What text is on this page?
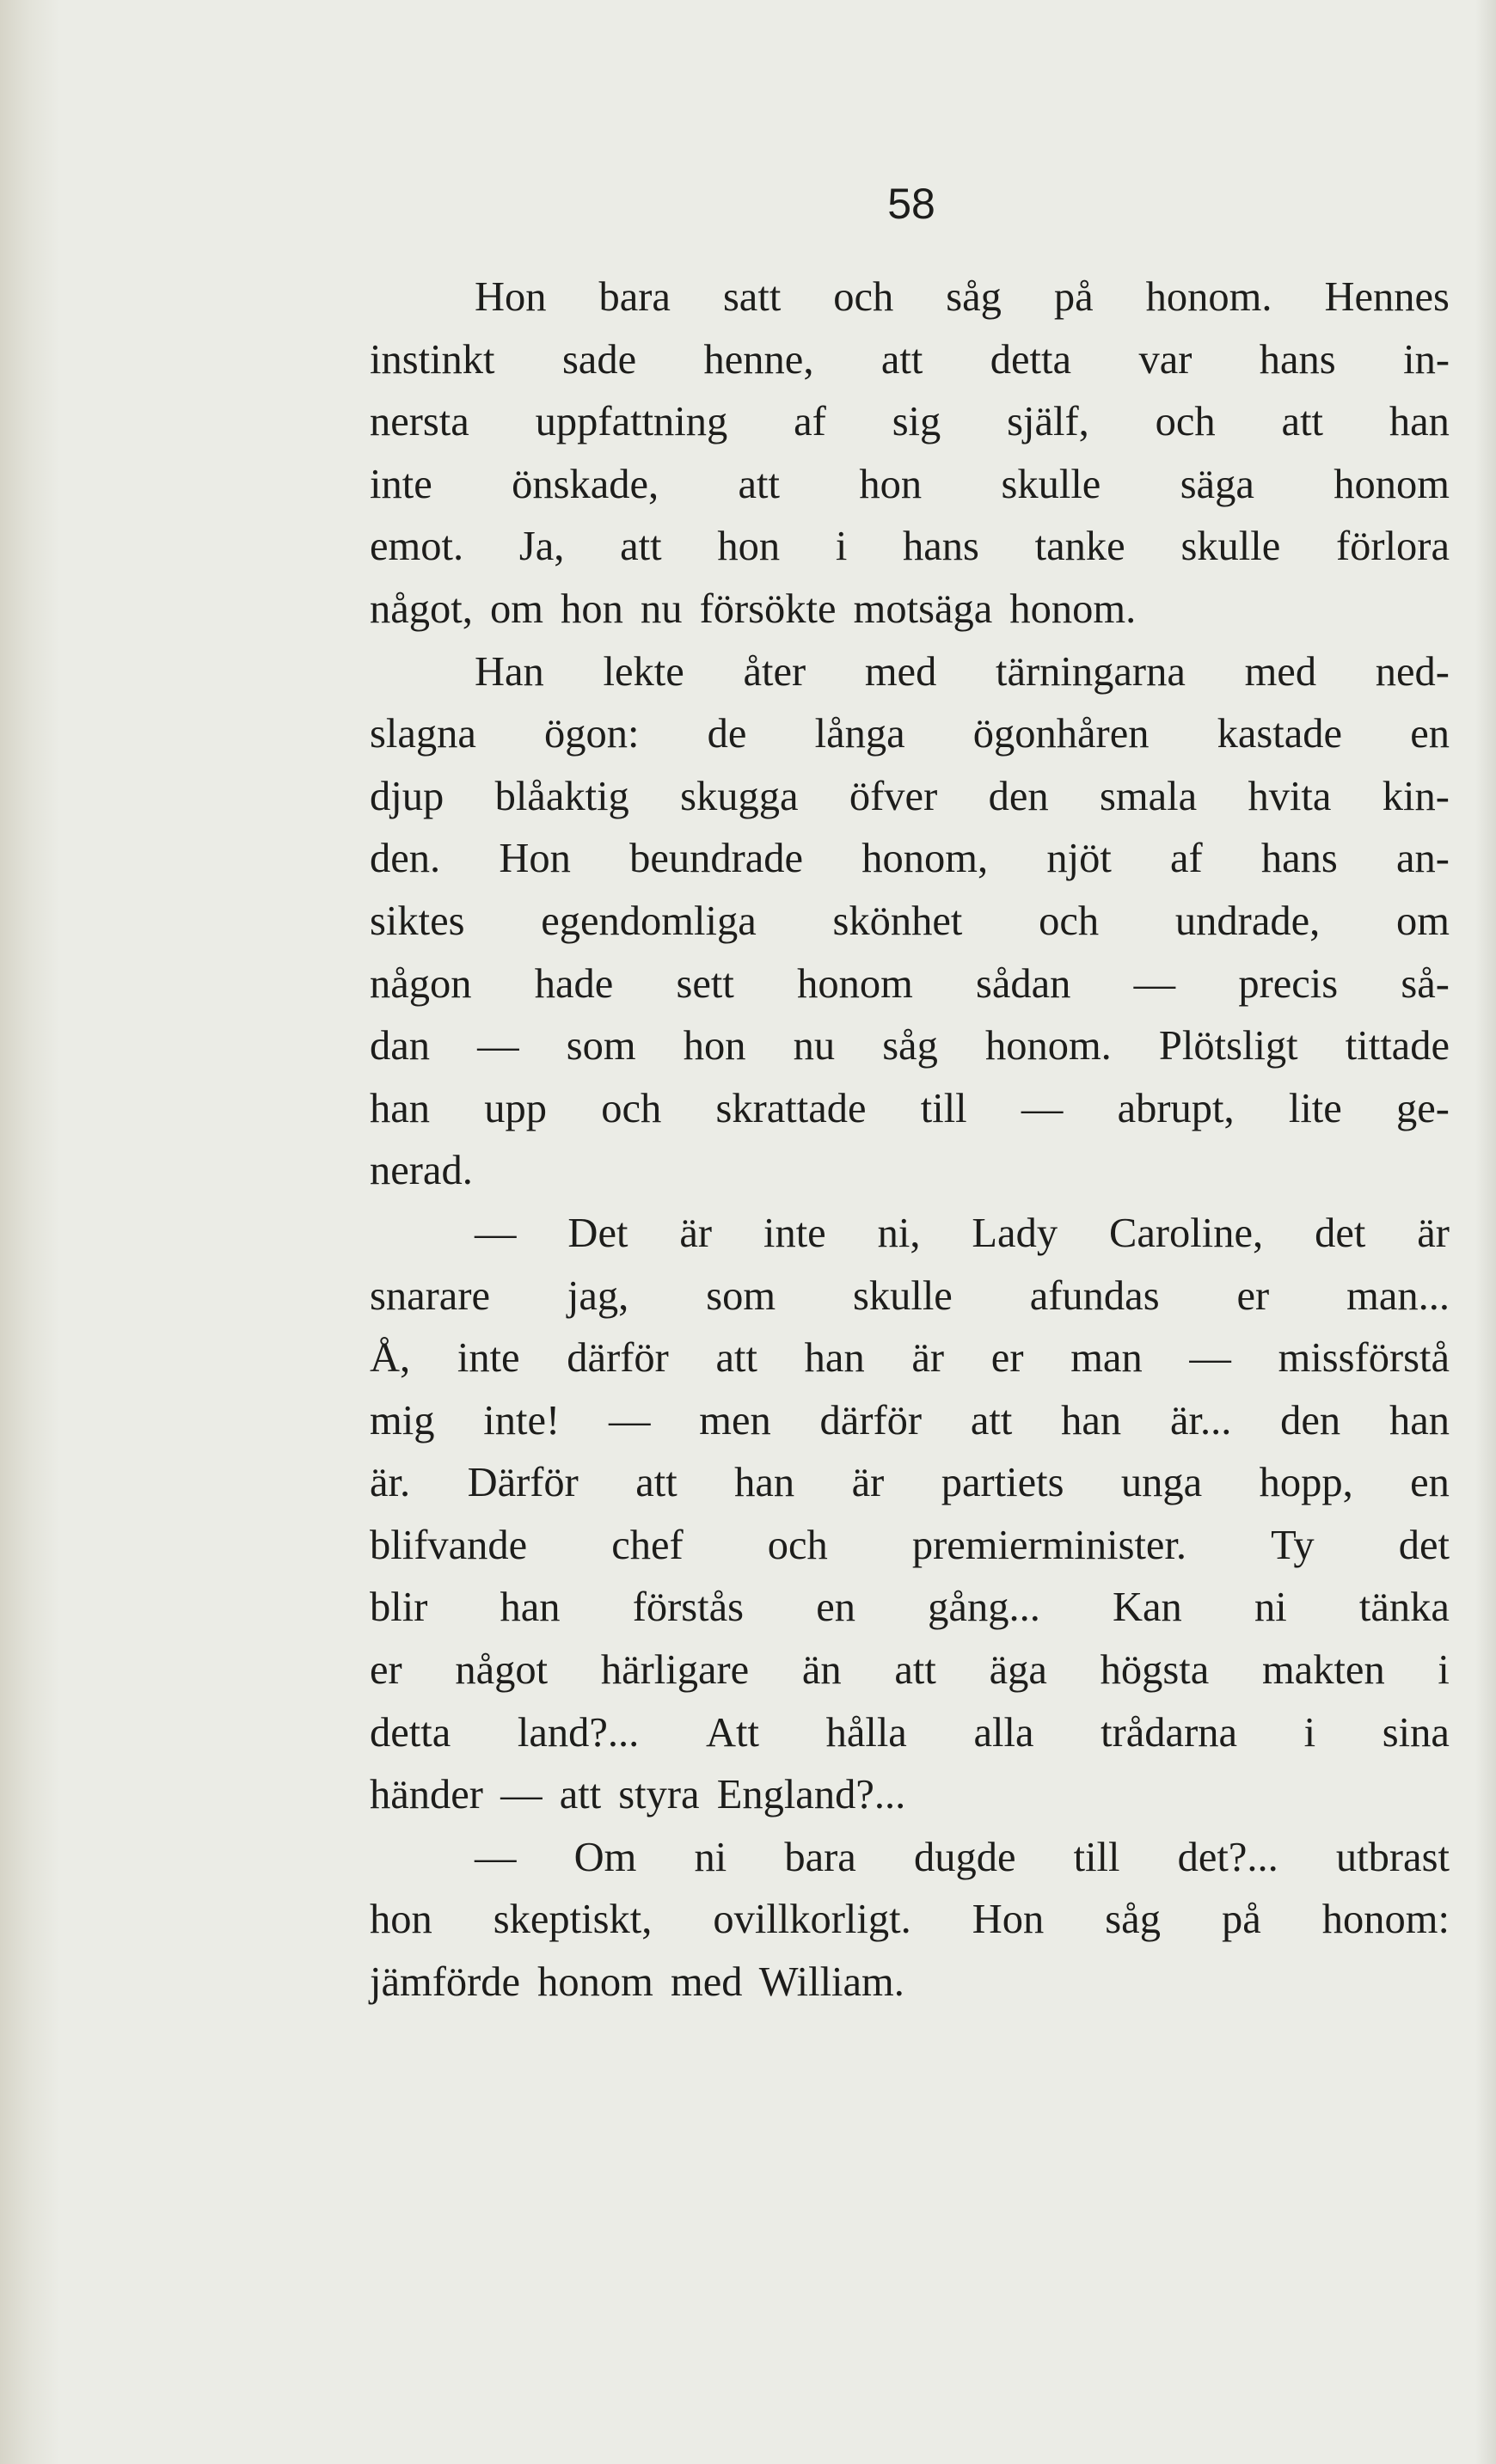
58
Hon bara satt och såg på honom. Hennes
instinkt sade henne, att detta var hans in-
nersta uppfattning af sig själf, och att han
inte önskade, att hon skulle säga honom
emot. Ja, att hon i hans tanke skulle förlora
något, om hon nu försökte motsäga honom.
Han lekte åter med tärningarna med ned-
slagna ögon: de långa ögonhåren kastade en
djup blåaktig skugga öfver den smala hvita kin-
den. Hon beundrade honom, njöt af hans an-
siktes egendomliga skönhet och undrade, om
någon hade sett honom sådan — precis så-
dan — som hon nu såg honom. Plötsligt tittade
han upp och skrattade till — abrupt, lite ge-
nerad.
— Det är inte ni, Lady Caroline, det är
snarare jag, som skulle afundas er man...
Å, inte därför att han är er man — missförstå
mig inte! — men därför att han är... den han
är. Därför att han är partiets unga hopp, en
blifvande chef och premierminister. Ty det
blir han förstås en gång... Kan ni tänka
er något härligare än att äga högsta makten i
detta land?... Att hålla alla trådarna i sina
händer — att styra England?...
— Om ni bara dugde till det?... utbrast
hon skeptiskt, ovillkorligt. Hon såg på honom:
jämförde honom med William.
